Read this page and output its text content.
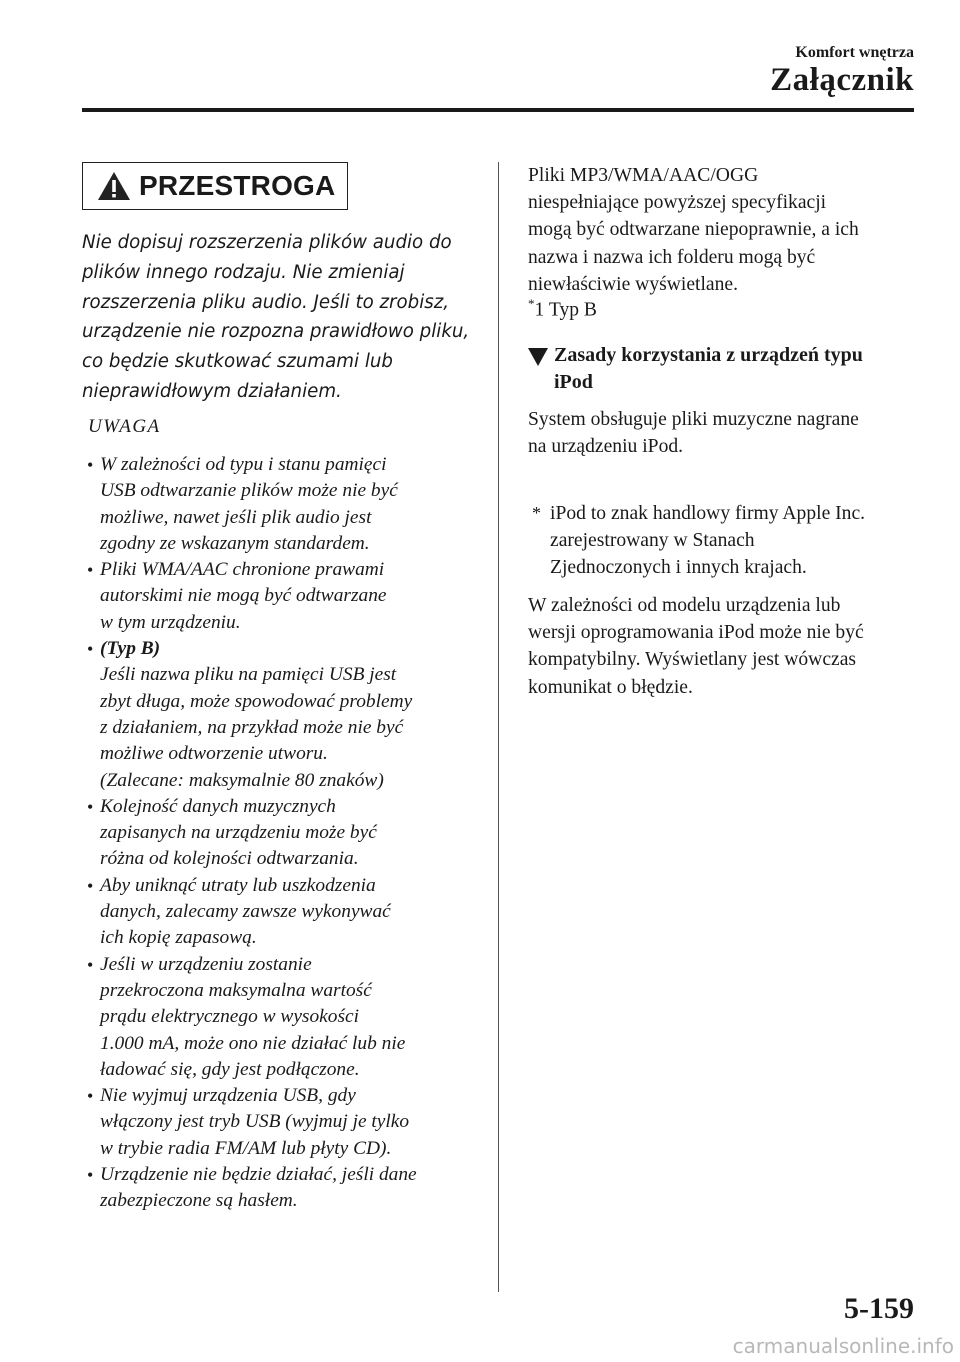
Komfort wnętrza
Załącznik
PRZESTROGA
Nie dopisuj rozszerzenia plików audio do
plików innego rodzaju. Nie zmieniaj
rozszerzenia pliku audio. Jeśli to zrobisz,
urządzenie nie rozpozna prawidłowo pliku,
co będzie skutkować szumami lub
nieprawidłowym działaniem.
UWAGA
• W zależności od typu i stanu pamięci
USB odtwarzanie plików może nie być
możliwe, nawet jeśli plik audio jest
zgodny ze wskazanym standardem.
• Pliki WMA/AAC chronione prawami
autorskimi nie mogą być odtwarzane
w tym urządzeniu.
• (Typ B)
Jeśli nazwa pliku na pamięci USB jest
zbyt długa, może spowodować problemy
z działaniem, na przykład może nie być
możliwe odtworzenie utworu.
(Zalecane: maksymalnie 80 znaków)
• Kolejność danych muzycznych
zapisanych na urządzeniu może być
różna od kolejności odtwarzania.
• Aby uniknąć utraty lub uszkodzenia
danych, zalecamy zawsze wykonywać
ich kopię zapasową.
• Jeśli w urządzeniu zostanie
przekroczona maksymalna wartość
prądu elektrycznego w wysokości
1.000 mA, może ono nie działać lub nie
ładować się, gdy jest podłączone.
• Nie wyjmuj urządzenia USB, gdy
włączony jest tryb USB (wyjmuj je tylko
w trybie radia FM/AM lub płyty CD).
• Urządzenie nie będzie działać, jeśli dane
zabezpieczone są hasłem.
Pliki MP3/WMA/AAC/OGG
niespełniające powyższej specyfikacji
mogą być odtwarzane niepoprawnie, a ich
nazwa i nazwa ich folderu mogą być
niewłaściwie wyświetlane.
*1 Typ B
Zasady korzystania z urządzeń typu
iPod
System obsługuje pliki muzyczne nagrane
na urządzeniu iPod.
* iPod to znak handlowy firmy Apple Inc.
zarejestrowany w Stanach
Zjednoczonych i innych krajach.
W zależności od modelu urządzenia lub
wersji oprogramowania iPod może nie być
kompatybilny. Wyświetlany jest wówczas
komunikat o błędzie.
5-159
carmanualsonline.info
